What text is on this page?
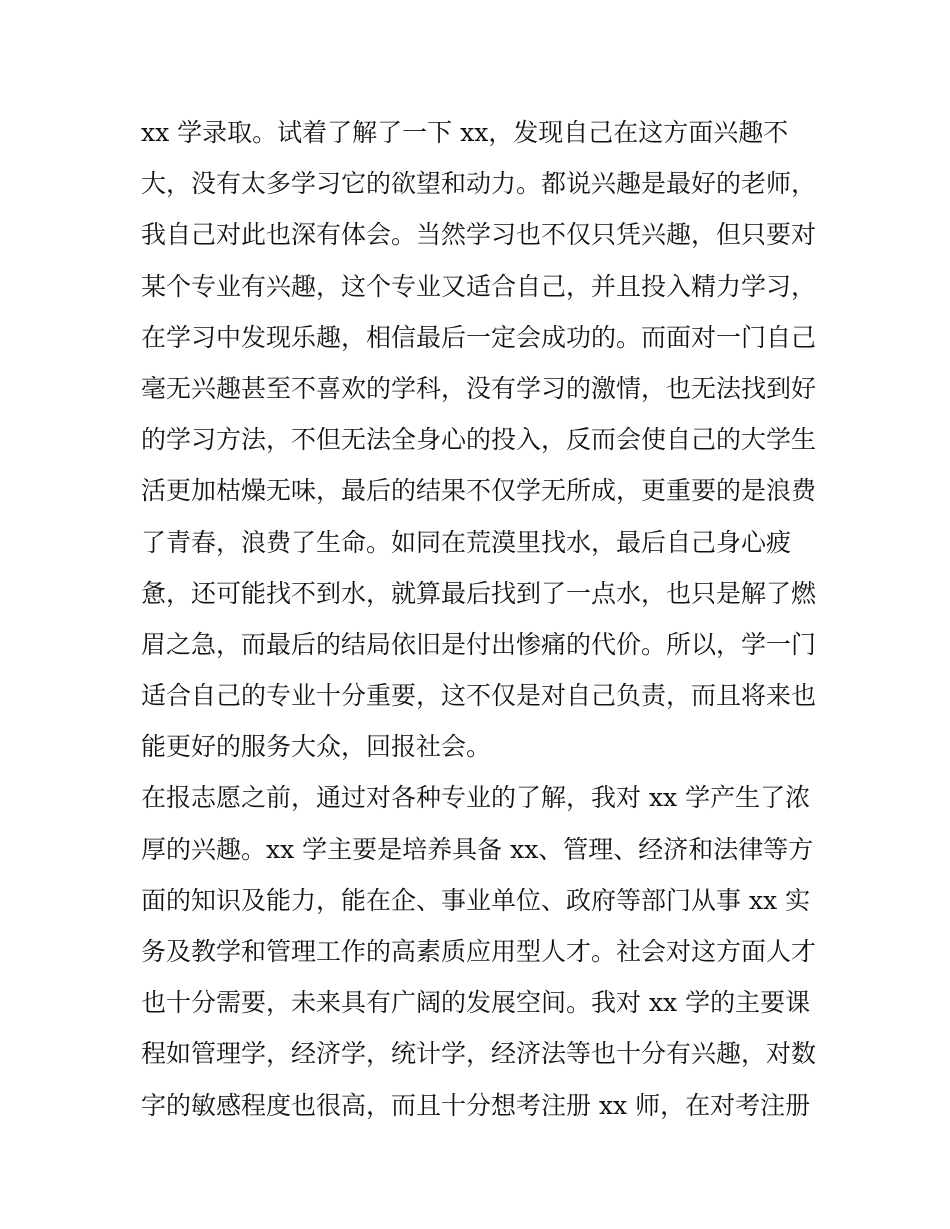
xx 学录取。试着了解了一下 xx，发现自己在这方面兴趣不
大，没有太多学习它的欲望和动力。都说兴趣是最好的老师，
我自己对此也深有体会。当然学习也不仅只凭兴趣，但只要对
某个专业有兴趣，这个专业又适合自己，并且投入精力学习，
在学习中发现乐趣，相信最后一定会成功的。而面对一门自己
毫无兴趣甚至不喜欢的学科，没有学习的激情，也无法找到好
的学习方法，不但无法全身心的投入，反而会使自己的大学生
活更加枯燥无味，最后的结果不仅学无所成，更重要的是浪费
了青春，浪费了生命。如同在荒漠里找水，最后自己身心疲
惫，还可能找不到水，就算最后找到了一点水，也只是解了燃
眉之急，而最后的结局依旧是付出惨痛的代价。所以，学一门
适合自己的专业十分重要，这不仅是对自己负责，而且将来也
能更好的服务大众，回报社会。
在报志愿之前，通过对各种专业的了解，我对 xx 学产生了浓
厚的兴趣。xx 学主要是培养具备 xx、管理、经济和法律等方
面的知识及能力，能在企、事业单位、政府等部门从事 xx 实
务及教学和管理工作的高素质应用型人才。社会对这方面人才
也十分需要，未来具有广阔的发展空间。我对 xx 学的主要课
程如管理学，经济学，统计学，经济法等也十分有兴趣，对数
字的敏感程度也很高，而且十分想考注册 xx 师，在对考注册
